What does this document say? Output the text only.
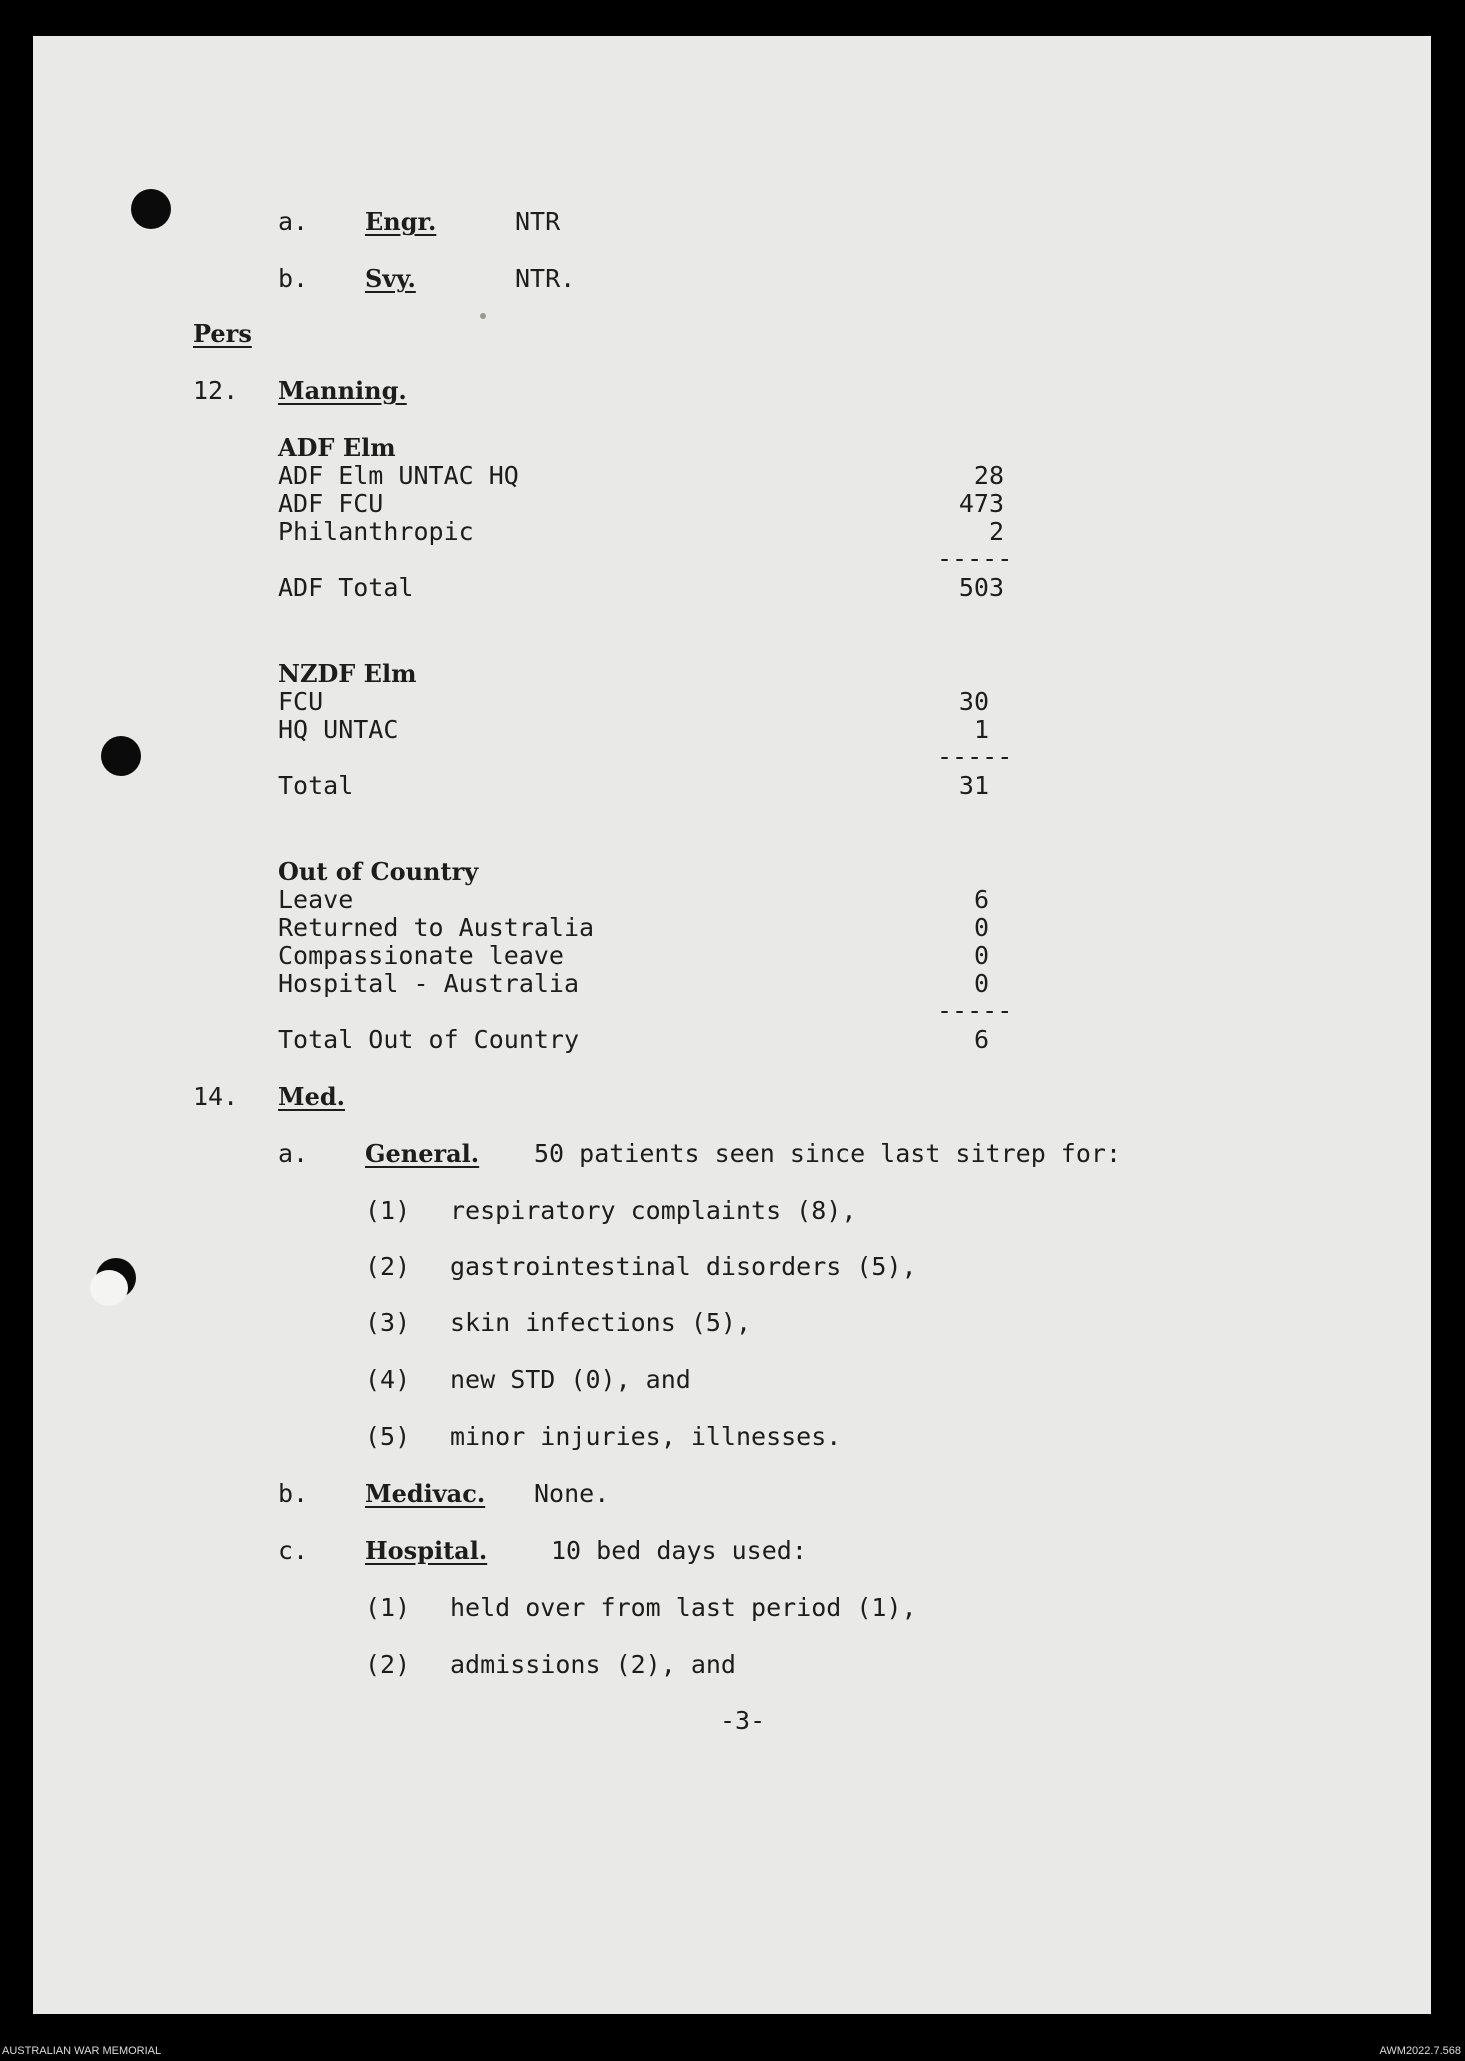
a. Engr.	NTR
b. Svy.	NTR.
Pers
12. Manning.
ADF Elm
ADF Elm UNTAC HQ	28
ADF FCU	473
Philanthropic	2
-----
ADF Total	503
NZDF Elm
FCU	30
HQ UNTAC	1
-----
Total	31
Out of Country
Leave	6
Returned to Australia	0
Compassionate leave	0
Hospital - Australia	0
-----
Total Out of Country	6
14. Med.
a. General. 50 patients seen since last sitrep for:
(1) respiratory complaints (8),
(2) gastrointestinal disorders (5),
(3) skin infections (5),
(4) new STD (0), and
(5) minor injuries, illnesses.
b. Medivac. None.
c. Hospital.	10 bed days used:
(1) held over from last period (1),
(2) admissions (2), and
-3-
AUSTRALIAN WAR MEMORIAL	AWM2022.7.568
